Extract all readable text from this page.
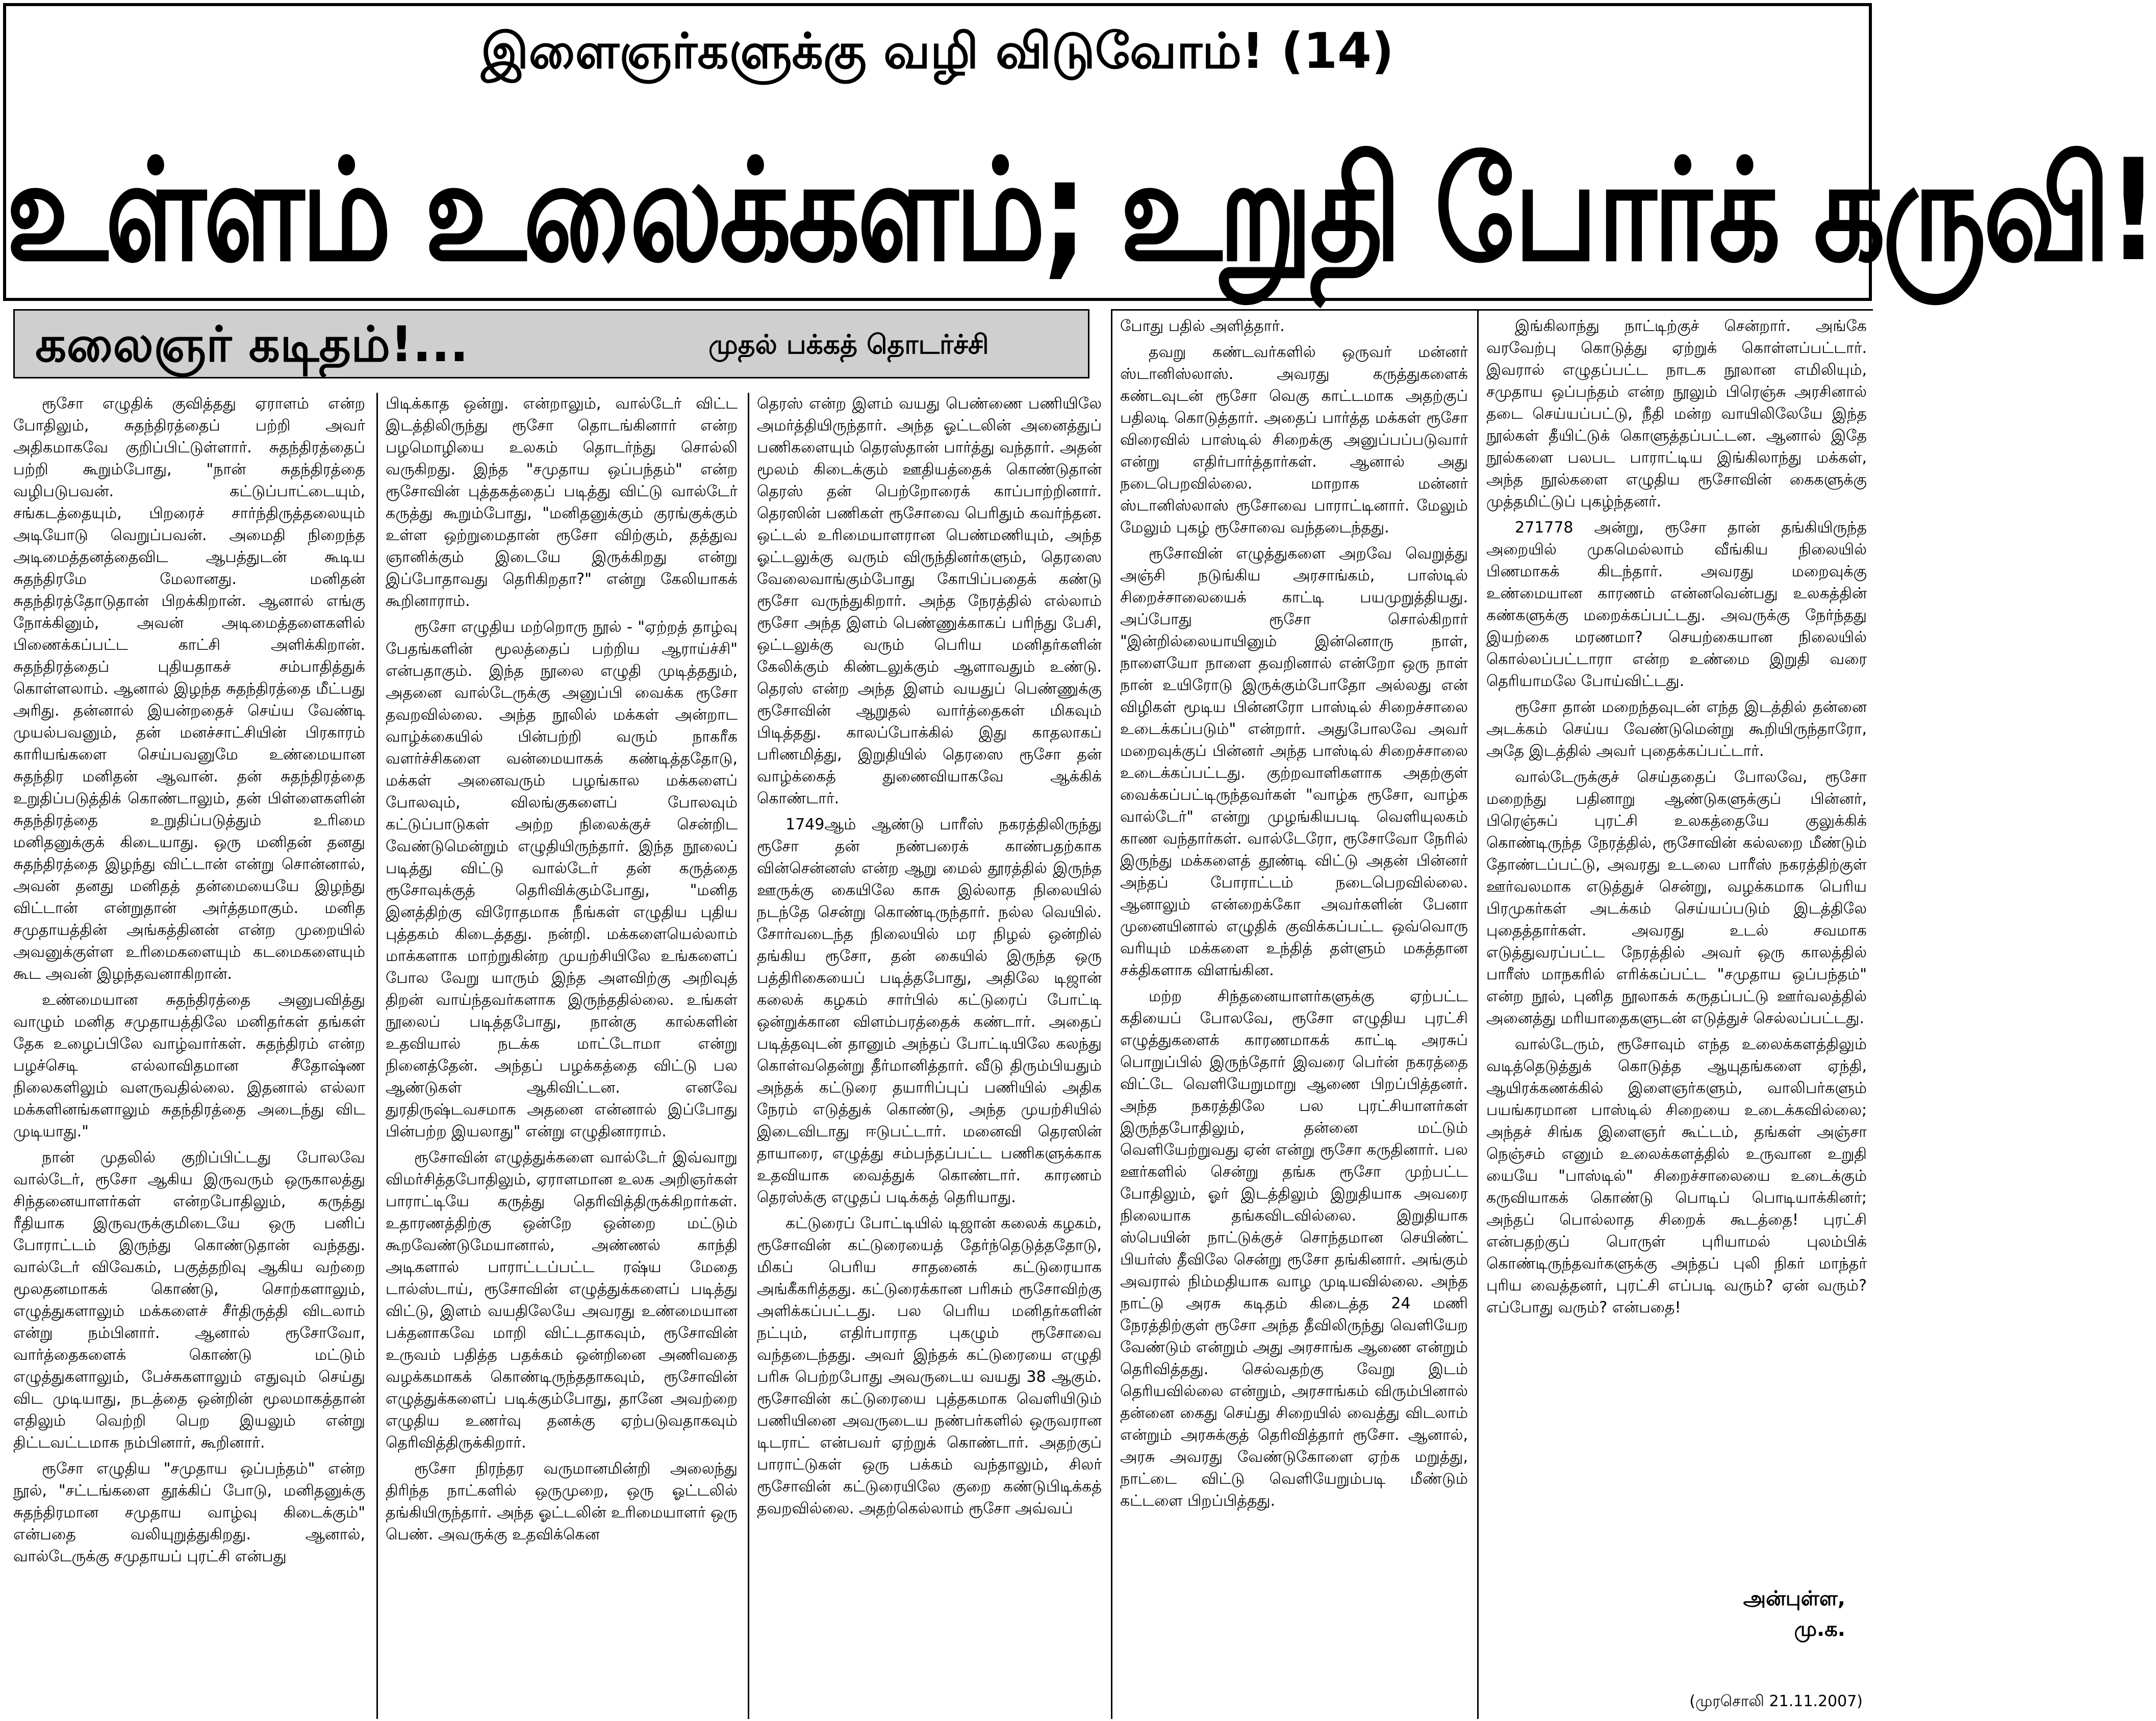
இளைஞர்களுக்கு வழி விடுவோம்! (14)
உள்ளம் உலைக்களம்; உறுதி போர்க் கருவி!
கலைஞர் கடிதம்!...	முதல் பக்கத் தொடர்ச்சி

ரூசோ எழுதிக் குவித்தது ஏராளம் என்ற போதிலும், சுதந்திரத்தைப் பற்றி அவர் அதிகமாகவே குறிப்பிட்டுள்ளார். சுதந்திரத்தைப் பற்றி கூறும்போது, "நான் சுதந்திரத்தை வழிபடுபவன். கட்டுப்பாட்டையும், சங்கடத்தையும், பிறரைச் சார்ந்திருத்தலையும் அடியோடு வெறுப்பவன். அமைதி நிறைந்த அடிமைத்தனத்தைவிட ஆபத்துடன் கூடிய சுதந்திரமே மேலானது. மனிதன் சுதந்திரத்தோடுதான் பிறக்கிறான். ஆனால் எங்கு நோக்கினும், அவன் அடிமைத்தளைகளில் பிணைக்கப்பட்ட காட்சி அளிக்கிறான். சுதந்திரத்தைப் புதியதாகச் சம்பாதித்துக் கொள்ளலாம். ஆனால் இழந்த சுதந்திரத்தை மீட்பது அரிது. தன்னால் இயன்றதைச் செய்ய வேண்டி முயல்பவனும், தன் மனச்சாட்சியின் பிரகாரம் காரியங்களை செய்பவனுமே உண்மையான சுதந்திர மனிதன் ஆவான். தன் சுதந்திரத்தை உறுதிப்படுத்திக் கொண்டாலும், தன் பிள்ளைகளின் சுதந்திரத்தை உறுதிப்படுத்தும் உரிமை மனிதனுக்குக் கிடையாது. ஒரு மனிதன் தனது சுதந்திரத்தை இழந்து விட்டான் என்று சொன்னால், அவன் தனது மனிதத் தன்மையையே இழந்து விட்டான் என்றுதான் அர்த்தமாகும். மனித சமுதாயத்தின் அங்கத்தினன் என்ற முறையில் அவனுக்குள்ள உரிமைகளையும் கடமைகளையும் கூட அவன் இழந்தவனாகிறான்.

உண்மையான சுதந்திரத்தை அனுபவித்து வாழும் மனித சமுதாயத்திலே மனிதர்கள் தங்கள் தேக உழைப்பிலே வாழ்வார்கள். சுதந்திரம் என்ற பழச்செடி எல்லாவிதமான சீதோஷ்ண நிலைகளிலும் வளருவதில்லை. இதனால் எல்லா மக்களினங்களாலும் சுதந்திரத்தை அடைந்து விட முடியாது."

நான் முதலில் குறிப்பிட்டது போலவே வால்டேர், ரூசோ ஆகிய இருவரும் ஒருகாலத்து சிந்தனையாளர்கள் என்றபோதிலும், கருத்து ரீதியாக இருவருக்குமிடையே ஒரு பனிப் போராட்டம் இருந்து கொண்டுதான் வந்தது. வால்டேர் விவேகம், பகுத்தறிவு ஆகிய வற்றை மூலதனமாகக் கொண்டு, சொற்களாலும், எழுத்துகளாலும் மக்களைச் சீர்திருத்தி விடலாம் என்று நம்பினார். ஆனால் ரூசோவோ, வார்த்தைகளைக் கொண்டு மட்டும் எழுத்துகளாலும், பேச்சுகளாலும் எதுவும் செய்து விட முடியாது, நடத்தை ஒன்றின் மூலமாகத்தான் எதிலும் வெற்றி பெற இயலும் என்று திட்டவட்டமாக நம்பினார், கூறினார்.

ரூசோ எழுதிய "சமுதாய ஒப்பந்தம்" என்ற நூல், "சட்டங்களை தூக்கிப் போடு, மனிதனுக்கு சுதந்திரமான சமுதாய வாழ்வு கிடைக்கும்" என்பதை வலியுறுத்துகிறது. ஆனால், வால்டேருக்கு சமுதாயப் புரட்சி என்பது

பிடிக்காத ஒன்று. என்றாலும், வால்டேர் விட்ட இடத்திலிருந்து ரூசோ தொடங்கினார் என்ற பழமொழியை உலகம் தொடர்ந்து சொல்லி வருகிறது. இந்த "சமுதாய ஒப்பந்தம்" என்ற ரூசோவின் புத்தகத்தைப் படித்து விட்டு வால்டேர் கருத்து கூறும்போது, "மனிதனுக்கும் குரங்குக்கும் உள்ள ஒற்றுமைதான் ரூசோ விற்கும், தத்துவ ஞானிக்கும் இடையே இருக்கிறது என்று இப்போதாவது தெரிகிறதா?" என்று கேலியாகக் கூறினாராம்.

ரூசோ எழுதிய மற்றொரு நூல் - "ஏற்றத் தாழ்வு பேதங்களின் மூலத்தைப் பற்றிய ஆராய்ச்சி" என்பதாகும். இந்த நூலை எழுதி முடித்ததும், அதனை வால்டேருக்கு அனுப்பி வைக்க ரூசோ தவறவில்லை. அந்த நூலில் மக்கள் அன்றாட வாழ்க்கையில் பின்பற்றி வரும் நாகரீக வளர்ச்சிகளை வன்மையாகக் கண்டித்ததோடு, மக்கள் அனைவரும் பழங்கால மக்களைப் போலவும், விலங்குகளைப் போலவும் கட்டுப்பாடுகள் அற்ற நிலைக்குச் சென்றிட வேண்டுமென்றும் எழுதியிருந்தார். இந்த நூலைப் படித்து விட்டு வால்டேர் தன் கருத்தை ரூசோவுக்குத் தெரிவிக்கும்போது, "மனித இனத்திற்கு விரோதமாக நீங்கள் எழுதிய புதிய புத்தகம் கிடைத்தது. நன்றி. மக்களையெல்லாம் மாக்களாக மாற்றுகின்ற முயற்சியிலே உங்களைப் போல வேறு யாரும் இந்த அளவிற்கு அறிவுத் திறன் வாய்ந்தவர்களாக இருந்ததில்லை. உங்கள் நூலைப் படித்தபோது, நான்கு கால்களின் உதவியால் நடக்க மாட்டோமா என்று நினைத்தேன். அந்தப் பழக்கத்தை விட்டு பல ஆண்டுகள் ஆகிவிட்டன. எனவே துரதிருஷ்டவசமாக அதனை என்னால் இப்போது பின்பற்ற இயலாது" என்று எழுதினாராம்.

ரூசோவின் எழுத்துக்களை வால்டேர் இவ்வாறு விமர்சித்தபோதிலும், ஏராளமான உலக அறிஞர்கள் பாராட்டியே கருத்து தெரிவித்திருக்கிறார்கள். உதாரணத்திற்கு ஒன்றே ஒன்றை மட்டும் கூறவேண்டுமேயானால், அண்ணல் காந்தி அடிகளால் பாராட்டப்பட்ட ரஷ்ய மேதை டால்ஸ்டாய், ரூசோவின் எழுத்துக்களைப் படித்து விட்டு, இளம் வயதிலேயே அவரது உண்மையான பக்தனாகவே மாறி விட்டதாகவும், ரூசோவின் உருவம் பதித்த பதக்கம் ஒன்றினை அணிவதை வழக்கமாகக் கொண்டிருந்ததாகவும், ரூசோவின் எழுத்துக்களைப் படிக்கும்போது, தானே அவற்றை எழுதிய உணர்வு தனக்கு ஏற்படுவதாகவும் தெரிவித்திருக்கிறார்.

ரூசோ நிரந்தர வருமானமின்றி அலைந்து திரிந்த நாட்களில் ஒருமுறை, ஒரு ஓட்டலில் தங்கியிருந்தார். அந்த ஓட்டலின் உரிமையாளர் ஒரு பெண். அவருக்கு உதவிக்கென

தெரஸ் என்ற இளம் வயது பெண்ணை பணியிலே அமர்த்தியிருந்தார். அந்த ஓட்டலின் அனைத்துப் பணிகளையும் தெரஸ்தான் பார்த்து வந்தார். அதன் மூலம் கிடைக்கும் ஊதியத்தைக் கொண்டுதான் தெரஸ் தன் பெற்றோரைக் காப்பாற்றினார். தெரஸின் பணிகள் ரூசோவை பெரிதும் கவர்ந்தன. ஒட்டல் உரிமையாளரான பெண்மணியும், அந்த ஓட்டலுக்கு வரும் விருந்தினர்களும், தெரஸை வேலைவாங்கும்போது கோபிப்பதைக் கண்டு ரூசோ வருந்துகிறார். அந்த நேரத்தில் எல்லாம் ரூசோ அந்த இளம் பெண்ணுக்காகப் பரிந்து பேசி, ஒட்டலுக்கு வரும் பெரிய மனிதர்களின் கேலிக்கும் கிண்டலுக்கும் ஆளாவதும் உண்டு. தெரஸ் என்ற அந்த இளம் வயதுப் பெண்ணுக்கு ரூசோவின் ஆறுதல் வார்த்தைகள் மிகவும் பிடித்தது. காலப்போக்கில் இது காதலாகப் பரிணமித்து, இறுதியில் தெரஸை ரூசோ தன் வாழ்க்கைத் துணைவியாகவே ஆக்கிக் கொண்டார்.

1749ஆம் ஆண்டு பாரீஸ் நகரத்திலிருந்து ரூசோ தன் நண்பரைக் காண்பதற்காக வின்சென்னஸ் என்ற ஆறு மைல் தூரத்தில் இருந்த ஊருக்கு கையிலே காசு இல்லாத நிலையில் நடந்தே சென்று கொண்டிருந்தார். நல்ல வெயில். சோர்வடைந்த நிலையில் மர நிழல் ஒன்றில் தங்கிய ரூசோ, தன் கையில் இருந்த ஒரு பத்திரிகையைப் படித்தபோது, அதிலே டிஜான் கலைக் கழகம் சார்பில் கட்டுரைப் போட்டி ஒன்றுக்கான விளம்பரத்தைக் கண்டார். அதைப் படித்தவுடன் தானும் அந்தப் போட்டியிலே கலந்து கொள்வதென்று தீர்மானித்தார். வீடு திரும்பியதும் அந்தக் கட்டுரை தயாரிப்புப் பணியில் அதிக நேரம் எடுத்துக் கொண்டு, அந்த முயற்சியில் இடைவிடாது ஈடுபட்டார். மனைவி தெரஸின் தாயாரை, எழுத்து சம்பந்தப்பட்ட பணிகளுக்காக உதவியாக வைத்துக் கொண்டார். காரணம் தெரஸ்க்கு எழுதப் படிக்கத் தெரியாது.

கட்டுரைப் போட்டியில் டிஜான் கலைக் கழகம், ரூசோவின் கட்டுரையைத் தேர்ந்தெடுத்ததோடு, மிகப் பெரிய சாதனைக் கட்டுரையாக அங்கீகரித்தது. கட்டுரைக்கான பரிசும் ரூசோவிற்கு அளிக்கப்பட்டது. பல பெரிய மனிதர்களின் நட்பும், எதிர்பாராத புகழும் ரூசோவை வந்தடைந்தது. அவர் இந்தக் கட்டுரையை எழுதி பரிசு பெற்றபோது அவருடைய வயது 38 ஆகும். ரூசோவின் கட்டுரையை புத்தகமாக வெளியிடும் பணியினை அவருடைய நண்பர்களில் ஒருவரான டிடராட் என்பவர் ஏற்றுக் கொண்டார். அதற்குப் பாராட்டுகள் ஒரு பக்கம் வந்தாலும், சிலர் ரூசோவின் கட்டுரையிலே குறை கண்டுபிடிக்கத் தவறவில்லை. அதற்கெல்லாம் ரூசோ அவ்வப்

போது பதில் அளித்தார்.

தவறு கண்டவர்களில் ஒருவர் மன்னர் ஸ்டானிஸ்லாஸ். அவரது கருத்துகளைக் கண்டவுடன் ரூசோ வெகு காட்டமாக அதற்குப் பதிலடி கொடுத்தார். அதைப் பார்த்த மக்கள் ரூசோ விரைவில் பாஸ்டில் சிறைக்கு அனுப்பப்படுவார் என்று எதிர்பார்த்தார்கள். ஆனால் அது நடைபெறவில்லை. மாறாக மன்னர் ஸ்டானிஸ்லாஸ் ரூசோவை பாராட்டினார். மேலும் மேலும் புகழ் ரூசோவை வந்தடைந்தது.

ரூசோவின் எழுத்துகளை அறவே வெறுத்து அஞ்சி நடுங்கிய அரசாங்கம், பாஸ்டில் சிறைச்சாலையைக் காட்டி பயமுறுத்தியது. அப்போது ரூசோ சொல்கிறார் "இன்றில்லையாயினும் இன்னொரு நாள், நாளையோ நாளை தவறினால் என்றோ ஒரு நாள் நான் உயிரோடு இருக்கும்போதோ அல்லது என் விழிகள் மூடிய பின்னரோ பாஸ்டில் சிறைச்சாலை உடைக்கப்படும்" என்றார். அதுபோலவே அவர் மறைவுக்குப் பின்னர் அந்த பாஸ்டில் சிறைச்சாலை உடைக்கப்பட்டது. குற்றவாளிகளாக அதற்குள் வைக்கப்பட்டிருந்தவர்கள் "வாழ்க ரூசோ, வாழ்க வால்டேர்" என்று முழங்கியபடி வெளியுலகம் காண வந்தார்கள். வால்டேரோ, ரூசோவோ நேரில் இருந்து மக்களைத் தூண்டி விட்டு அதன் பின்னர் அந்தப் போராட்டம் நடைபெறவில்லை. ஆனாலும் என்றைக்கோ அவர்களின் பேனா முனையினால் எழுதிக் குவிக்கப்பட்ட ஒவ்வொரு வரியும் மக்களை உந்தித் தள்ளும் மகத்தான சக்திகளாக விளங்கின.

மற்ற சிந்தனையாளர்களுக்கு ஏற்பட்ட கதியைப் போலவே, ரூசோ எழுதிய புரட்சி எழுத்துகளைக் காரணமாகக் காட்டி அரசுப் பொறுப்பில் இருந்தோர் இவரை பெர்ன் நகரத்தை விட்டே வெளியேறுமாறு ஆணை பிறப்பித்தனர். அந்த நகரத்திலே பல புரட்சியாளர்கள் இருந்தபோதிலும், தன்னை மட்டும் வெளியேற்றுவது ஏன் என்று ரூசோ கருதினார். பல ஊர்களில் சென்று தங்க ரூசோ முற்பட்ட போதிலும், ஓர் இடத்திலும் இறுதியாக அவரை நிலையாக தங்கவிடவில்லை. இறுதியாக ஸ்பெயின் நாட்டுக்குச் சொந்தமான செயிண்ட் பியர்ஸ் தீவிலே சென்று ரூசோ தங்கினார். அங்கும் அவரால் நிம்மதியாக வாழ முடியவில்லை. அந்த நாட்டு அரசு கடிதம் கிடைத்த 24 மணி நேரத்திற்குள் ரூசோ அந்த தீவிலிருந்து வெளியேற வேண்டும் என்றும் அது அரசாங்க ஆணை என்றும் தெரிவித்தது. செல்வதற்கு வேறு இடம் தெரியவில்லை என்றும், அரசாங்கம் விரும்பினால் தன்னை கைது செய்து சிறையில் வைத்து விடலாம் என்றும் அரசுக்குத் தெரிவித்தார் ரூசோ. ஆனால், அரசு அவரது வேண்டுகோளை ஏற்க மறுத்து, நாட்டை விட்டு வெளியேறும்படி மீண்டும் கட்டளை பிறப்பித்தது.

இங்கிலாந்து நாட்டிற்குச் சென்றார். அங்கே வரவேற்பு கொடுத்து ஏற்றுக் கொள்ளப்பட்டார். இவரால் எழுதப்பட்ட நாடக நூலான எமிலியும், சமுதாய ஒப்பந்தம் என்ற நூலும் பிரெஞ்சு அரசினால் தடை செய்யப்பட்டு, நீதி மன்ற வாயிலிலேயே இந்த நூல்கள் தீயிட்டுக் கொளுத்தப்பட்டன. ஆனால் இதே நூல்களை பலபட பாராட்டிய இங்கிலாந்து மக்கள், அந்த நூல்களை எழுதிய ரூசோவின் கைகளுக்கு முத்தமிட்டுப் புகழ்ந்தனர்.

271778 அன்று, ரூசோ தான் தங்கியிருந்த அறையில் முகமெல்லாம் வீங்கிய நிலையில் பிணமாகக் கிடந்தார். அவரது மறைவுக்கு உண்மையான காரணம் என்னவென்பது உலகத்தின் கண்களுக்கு மறைக்கப்பட்டது. அவருக்கு நேர்ந்தது இயற்கை மரணமா? செயற்கையான நிலையில் கொல்லப்பட்டாரா என்ற உண்மை இறுதி வரை தெரியாமலே போய்விட்டது.

ரூசோ தான் மறைந்தவுடன் எந்த இடத்தில் தன்னை அடக்கம் செய்ய வேண்டுமென்று கூறியிருந்தாரோ, அதே இடத்தில் அவர் புதைக்கப்பட்டார்.

வால்டேருக்குச் செய்ததைப் போலவே, ரூசோ மறைந்து பதினாறு ஆண்டுகளுக்குப் பின்னர், பிரெஞ்சுப் புரட்சி உலகத்தையே குலுக்கிக் கொண்டிருந்த நேரத்தில், ரூசோவின் கல்லறை மீண்டும் தோண்டப்பட்டு, அவரது உடலை பாரீஸ் நகரத்திற்குள் ஊர்வலமாக எடுத்துச் சென்று, வழக்கமாக பெரிய பிரமுகர்கள் அடக்கம் செய்யப்படும் இடத்திலே புதைத்தார்கள். அவரது உடல் சவமாக எடுத்துவரப்பட்ட நேரத்தில் அவர் ஒரு காலத்தில் பாரீஸ் மாநகரில் எரிக்கப்பட்ட "சமுதாய ஒப்பந்தம்" என்ற நூல், புனித நூலாகக் கருதப்பட்டு ஊர்வலத்தில் அனைத்து மரியாதைகளுடன் எடுத்துச் செல்லப்பட்டது.

வால்டேரும், ரூசோவும் எந்த உலைக்களத்திலும் வடித்தெடுத்துக் கொடுத்த ஆயுதங்களை ஏந்தி, ஆயிரக்கணக்கில் இளைஞர்களும், வாலிபர்களும் பயங்கரமான பாஸ்டில் சிறையை உடைக்கவில்லை; அந்தச் சிங்க இளைஞர் கூட்டம், தங்கள் அஞ்சா நெஞ்சம் எனும் உலைக்களத்தில் உருவான உறுதி யையே "பாஸ்டில்" சிறைச்சாலையை உடைக்கும் கருவியாகக் கொண்டு பொடிப் பொடியாக்கினர்; அந்தப் பொல்லாத சிறைக் கூடத்தை! புரட்சி என்பதற்குப் பொருள் புரியாமல் புலம்பிக் கொண்டிருந்தவர்களுக்கு அந்தப் புலி நிகர் மாந்தர் புரிய வைத்தனர், புரட்சி எப்படி வரும்? ஏன் வரும்? எப்போது வரும்? என்பதை!

அன்புள்ள,
மு.க.
(முரசொலி 21.11.2007)
